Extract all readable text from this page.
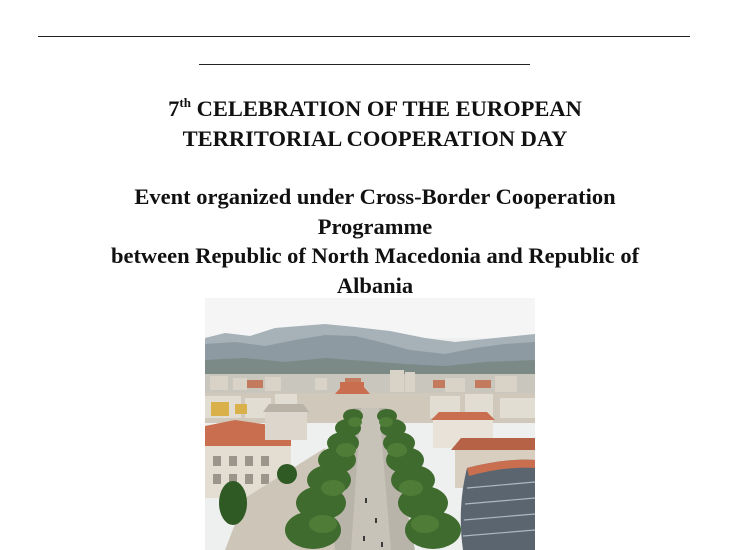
7th CELEBRATION OF THE EUROPEAN
TERRITORIAL COOPERATION DAY
Event organized under Cross-Border Cooperation
Programme
between Republic of North Macedonia and Republic of
Albania
